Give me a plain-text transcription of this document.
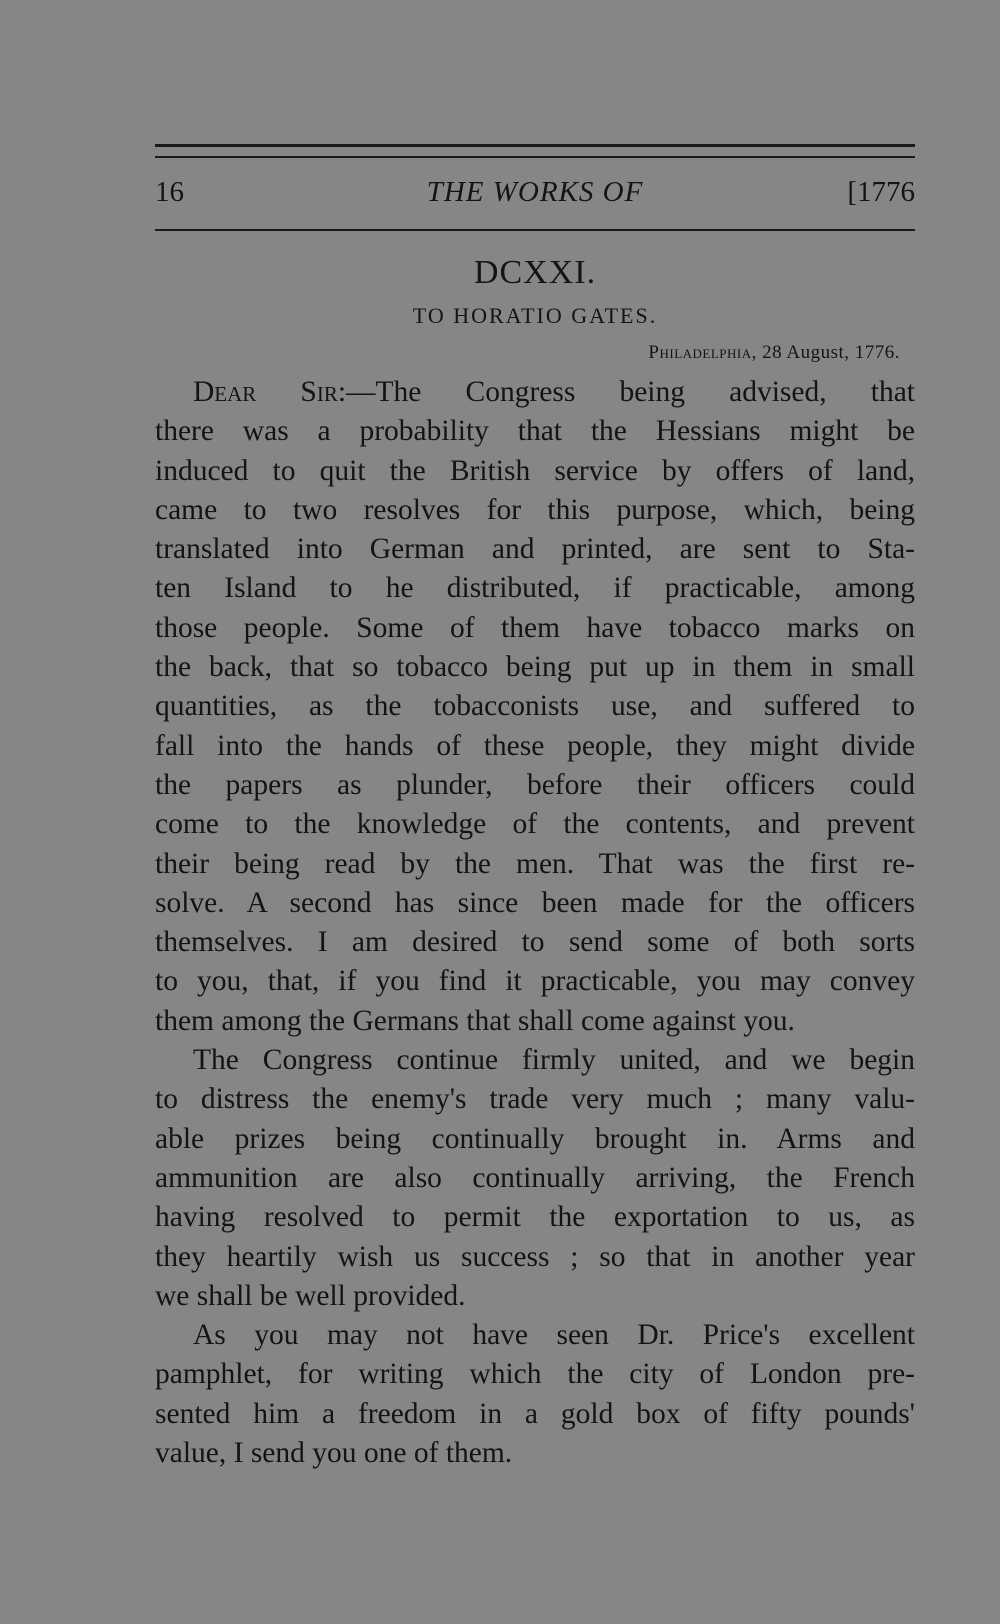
16	THE WORKS OF	[1776
DCXXI.
TO HORATIO GATES.
Philadelphia, 28 August, 1776.
Dear Sir:—The Congress being advised, that
there was a probability that the Hessians might be
induced to quit the British service by offers of land,
came to two resolves for this purpose, which, being
translated into German and printed, are sent to Sta-
ten Island to he distributed, if practicable, among
those people. Some of them have tobacco marks on
the back, that so tobacco being put up in them in small
quantities, as the tobacconists use, and suffered to
fall into the hands of these people, they might divide
the papers as plunder, before their officers could
come to the knowledge of the contents, and prevent
their being read by the men. That was the first re-
solve. A second has since been made for the officers
themselves. I am desired to send some of both sorts
to you, that, if you find it practicable, you may convey
them among the Germans that shall come against you.
The Congress continue firmly united, and we begin
to distress the enemy's trade very much ; many valu-
able prizes being continually brought in. Arms and
ammunition are also continually arriving, the French
having resolved to permit the exportation to us, as
they heartily wish us success ; so that in another year
we shall be well provided.
As you may not have seen Dr. Price's excellent
pamphlet, for writing which the city of London pre-
sented him a freedom in a gold box of fifty pounds'
value, I send you one of them.
